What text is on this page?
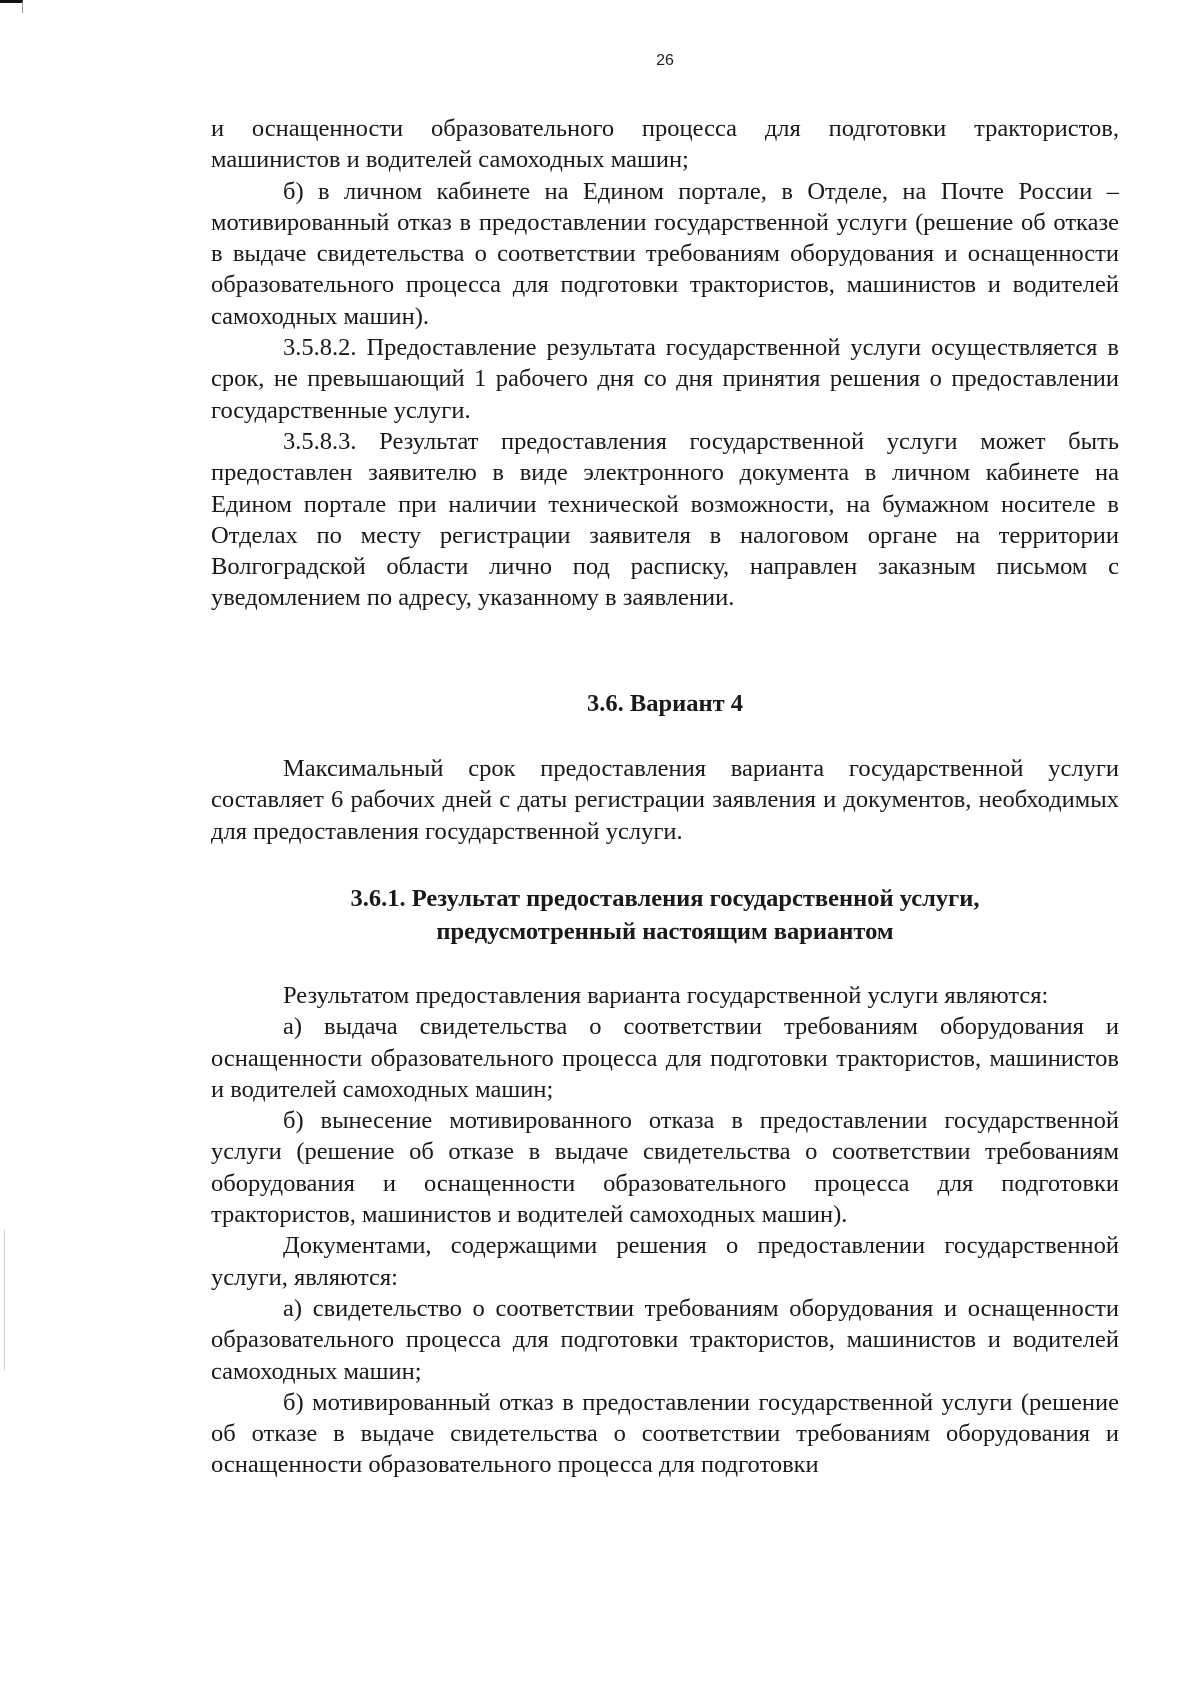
26

и оснащенности образовательного процесса для подготовки трактористов, машинистов и водителей самоходных машин;

б) в личном кабинете на Едином портале, в Отделе, на Почте России – мотивированный отказ в предоставлении государственной услуги (решение об отказе в выдаче свидетельства о соответствии требованиям оборудования и оснащенности образовательного процесса для подготовки трактористов, машинистов и водителей самоходных машин).

3.5.8.2. Предоставление результата государственной услуги осуществляется в срок, не превышающий 1 рабочего дня со дня принятия решения о предоставлении государственные услуги.

3.5.8.3. Результат предоставления государственной услуги может быть предоставлен заявителю в виде электронного документа в личном кабинете на Едином портале при наличии технической возможности, на бумажном носителе в Отделах по месту регистрации заявителя в налоговом органе на территории Волгоградской области лично под расписку, направлен заказным письмом с уведомлением по адресу, указанному в заявлении.

3.6. Вариант 4

Максимальный срок предоставления варианта государственной услуги составляет 6 рабочих дней с даты регистрации заявления и документов, необходимых для предоставления государственной услуги.

3.6.1. Результат предоставления государственной услуги,
предусмотренный настоящим вариантом

Результатом предоставления варианта государственной услуги являются:

а) выдача свидетельства о соответствии требованиям оборудования и оснащенности образовательного процесса для подготовки трактористов, машинистов и водителей самоходных машин;

б) вынесение мотивированного отказа в предоставлении государственной услуги (решение об отказе в выдаче свидетельства о соответствии требованиям оборудования и оснащенности образовательного процесса для подготовки трактористов, машинистов и водителей самоходных машин).

Документами, содержащими решения о предоставлении государственной услуги, являются:

а) свидетельство о соответствии требованиям оборудования и оснащенности образовательного процесса для подготовки трактористов, машинистов и водителей самоходных машин;

б) мотивированный отказ в предоставлении государственной услуги (решение об отказе в выдаче свидетельства о соответствии требованиям оборудования и оснащенности образовательного процесса для подготовки
